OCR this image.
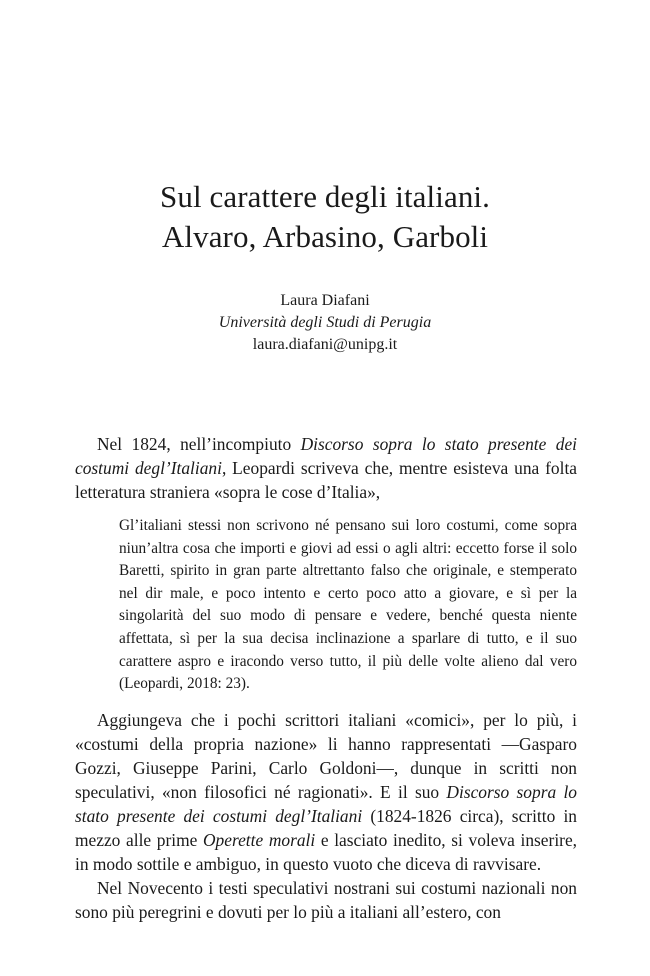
Sul carattere degli italiani.
Alvaro, Arbasino, Garboli
Laura Diafani
Università degli Studi di Perugia
laura.diafani@unipg.it

Nel 1824, nell’incompiuto Discorso sopra lo stato presente dei costumi degl’Italiani, Leopardi scriveva che, mentre esisteva una folta letteratura straniera «sopra le cose d’Italia»,

Gl’italiani stessi non scrivono né pensano sui loro costumi, come sopra niun’altra cosa che importi e giovi ad essi o agli altri: eccetto forse il solo Baretti, spirito in gran parte altrettanto falso che originale, e stemperato nel dir male, e poco intento e certo poco atto a giovare, e sì per la singolarità del suo modo di pensare e vedere, benché questa niente affettata, sì per la sua decisa inclinazione a sparlare di tutto, e il suo carattere aspro e iracondo verso tutto, il più delle volte alieno dal vero (Leopardi, 2018: 23).

Aggiungeva che i pochi scrittori italiani «comici», per lo più, i «costumi della propria nazione» li hanno rappresentati —Gasparo Gozzi, Giuseppe Parini, Carlo Goldoni—, dunque in scritti non speculativi, «non filosofici né ragionati». E il suo Discorso sopra lo stato presente dei costumi degl’Italiani (1824-1826 circa), scritto in mezzo alle prime Operette morali e lasciato inedito, si voleva inserire, in modo sottile e ambiguo, in questo vuoto che diceva di ravvisare.

Nel Novecento i testi speculativi nostrani sui costumi nazionali non sono più peregrini e dovuti per lo più a italiani all’estero, con
